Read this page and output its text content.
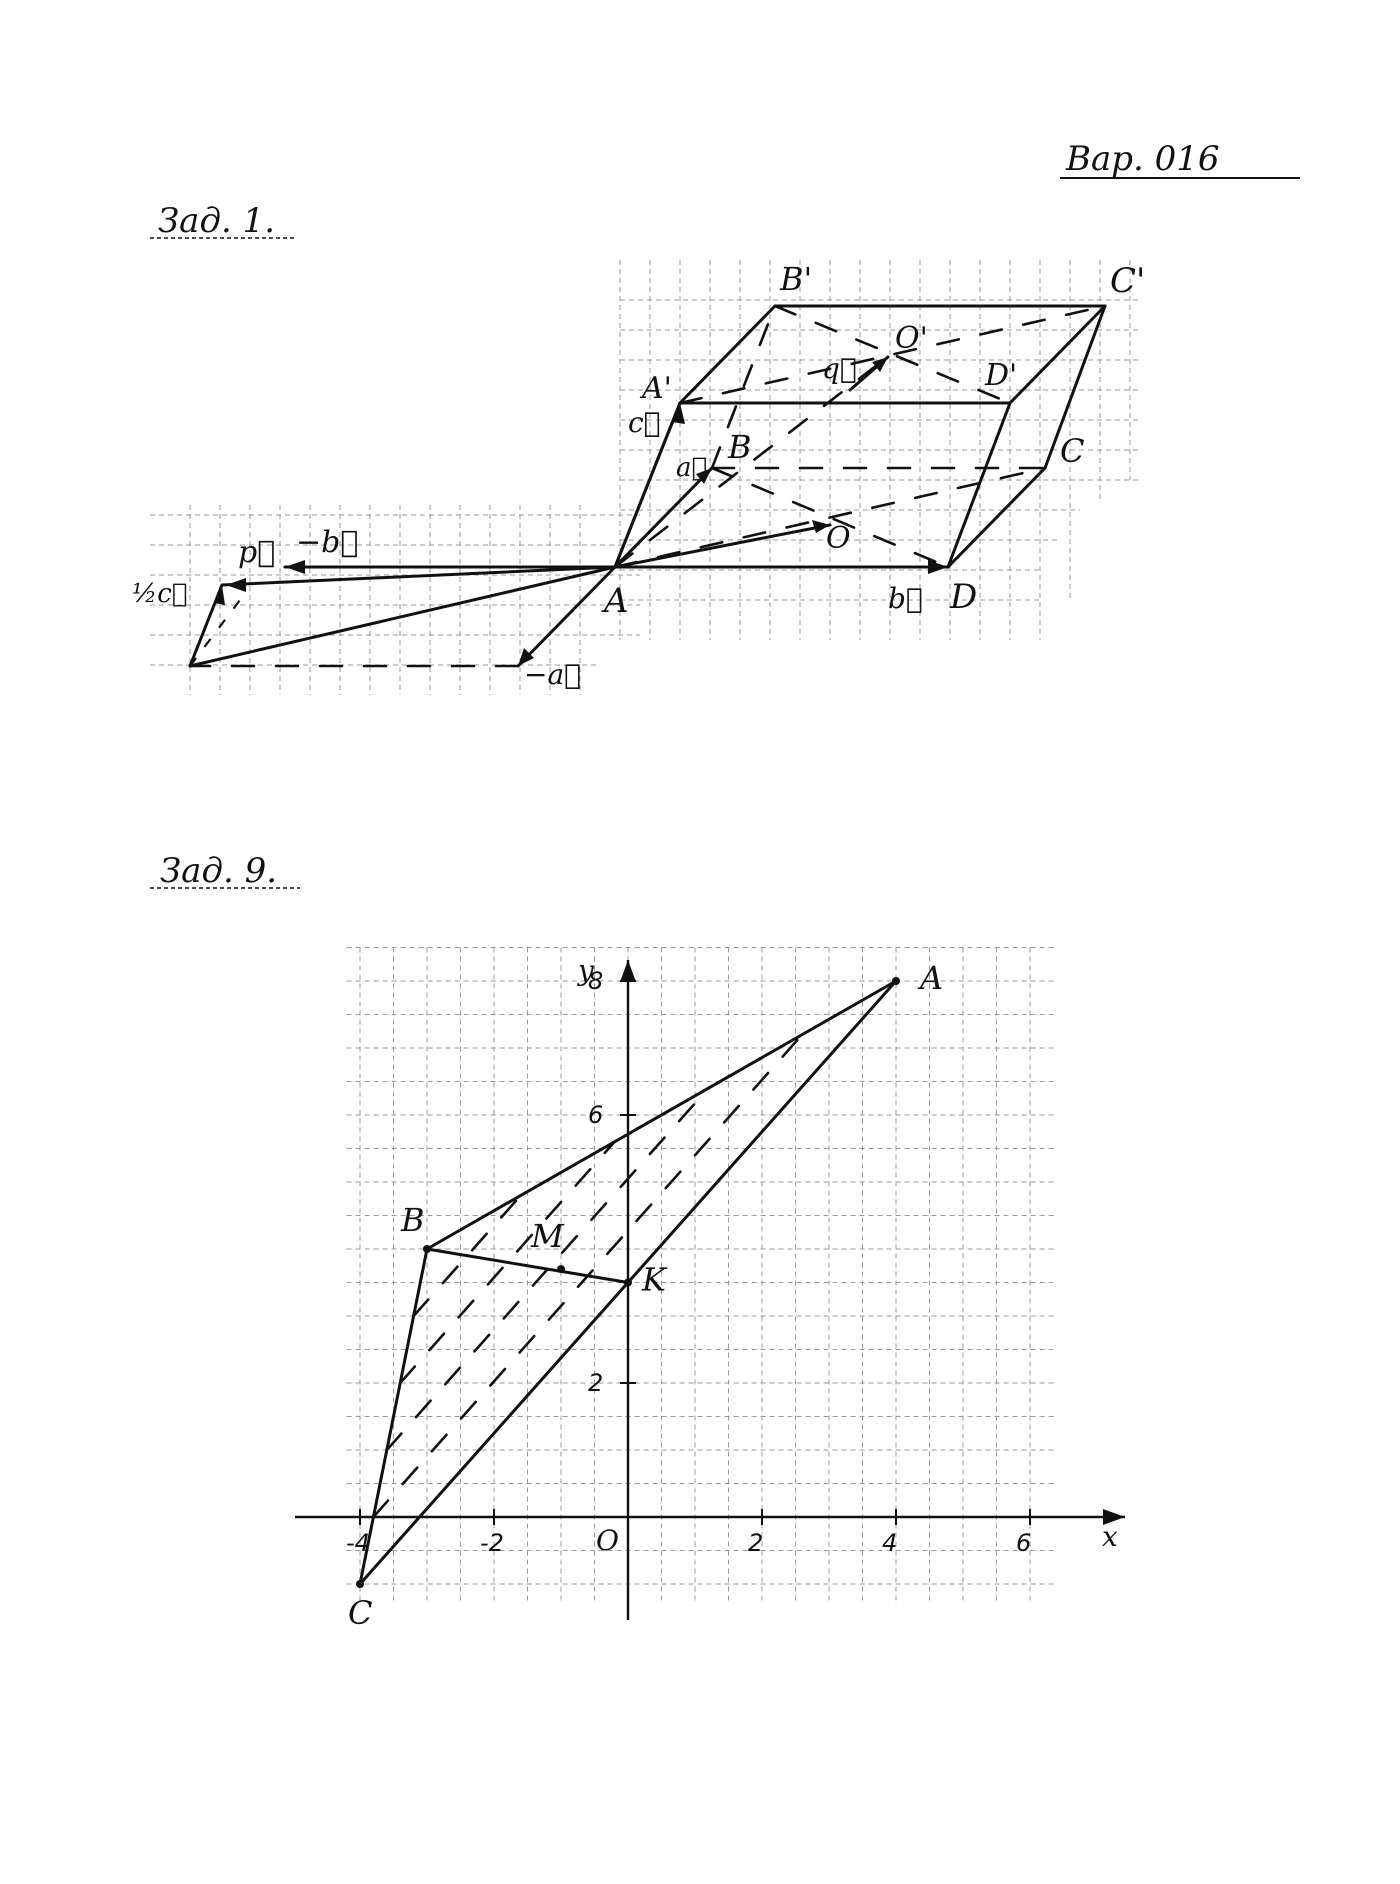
Вар. 016
Зад. 1.
A
B	C
D
O
A'
B'	C'
D'
O'
a⃗
−a⃗
b⃗
−b⃗
c⃗
½c⃗
p⃗
q⃗
Зад. 9.
-4	-2	2	4	6
2
6
8	A
B
C
K
M
x
y
O
